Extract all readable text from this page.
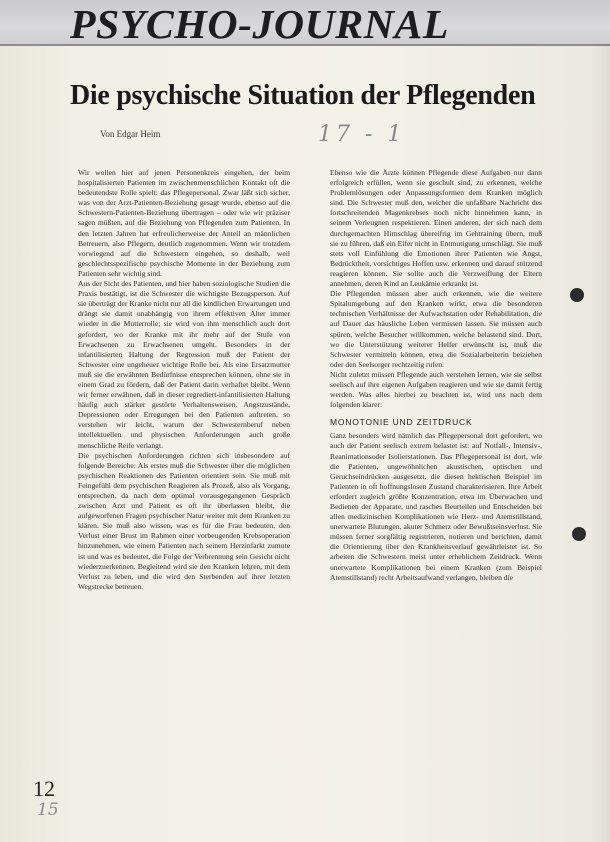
PSYCHO-JOURNAL
Die psychische Situation der Pflegenden
Von Edgar Heim	17 - 1

Wir wollen hier auf jenen Personenkreis eingehen, der beim hospitalisierten Patienten im zwischenmenschlichen Kontakt oft die bedeutendste Rolle spielt: das Pflegepersonal. Zwar läßt sich sicher, was von der Arzt-Patienten-Beziehung gesagt wurde, ebenso auf die Schwestern-Patienten-Beziehung übertragen – oder wie wir präziser sagen müßten, auf die Beziehung von Pflegenden zum Patienten. In den letzten Jahren hat erfreulicherweise der Anteil an männlichen Betreuern, also Pflegern, deutlich zugenommen. Wenn wir trotzdem vorwiegend auf die Schwestern eingehen, so deshalb, weil geschlechtsspezifische psychische Momente in der Beziehung zum Patienten sehr wichtig sind.

Aus der Sicht des Patienten, und hier haben soziologische Studien die Praxis bestätigt, ist die Schwester die wichtigste Bezugsperson. Auf sie überträgt der Kranke nicht nur all die kindlichen Erwartungen und drängt sie damit unabhängig von ihrem effektiven Alter immer wieder in die Mutterrolle; sie wird von ihm menschlich auch dort gefordert, wo der Kranke mit ihr mehr auf der Stufe von Erwachsenen zu Erwachsenen umgeht. Besonders in der infantilisierten Haltung der Regression muß der Patient der Schwester eine ungeheuer wichtige Rolle bei. Als eine Ersatzmutter muß sie die erwähnten Bedürfnisse entsprechen können, ohne sie in einem Grad zu fördern, daß der Patient darin verhaftet bleibt. Wenn wir ferner erwähnen, daß in dieser regrediert-infantilisierten Haltung häufig auch stärker gestörte Verhaltensweisen, Angstzustände, Depressionen oder Erregungen bei den Patienten auftreten, so verstehen wir leicht, warum der Schwesternberuf neben intellektuellen und physischen Anforderungen auch große menschliche Reife verlangt.

Die psychischen Anforderungen richten sich insbesondere auf folgende Bereiche: Als erstes muß die Schwester über die möglichen psychischen Reaktionen des Patienten orientiert sein. Sie muß mit Feingefühl dem psychischen Reagieren als Prozeß, also als Vorgang, entsprechen, da nach dem optimal vorausgegangenen Gespräch zwischen Arzt und Patient es oft ihr überlassen bleibt, die aufgeworfenen Fragen psychischer Natur weiter mit dem Kranken zu klären. Sie muß also wissen, was es für die Frau bedeuten, den Verlust einer Brust im Rahmen einer vorbeugenden Krebsoperation hinzunehmen, wie einem Patienten nach seinem Herzinfarkt zumute ist und was es bedeutet, die Folge der Verbrennung sein Gesicht nicht wiederzuerkennen. Begleitend wird sie den Kranken lehren, mit dem Verlust zu leben, und die wird den Sterbenden auf ihrer letzten Wegstrecke betreuen.

Ebenso wie die Ärzte können Pflegende diese Aufgaben nur dann erfolgreich erfüllen, wenn sie geschult sind, zu erkennen, welche Problemlösungen oder Anpassungsformen dem Kranken möglich sind. Die Schwester muß den, welcher die unfaßbare Nachricht des fortschreitenden Magenkrebses noch nicht hinnehmen kann, in seinem Verleugnen respektieren. Einen anderen, der sich nach dem durchgemachten Hirnschlag übereifrig im Gehtraining übern, muß sie zu führen, daß ein Eifer nicht in Entmutigung umschlägt. Sie muß stets voll Einfühlung die Emotionen ihrer Patienten wie Angst, Bedrücktheit, vorsichtiges Hoffen usw. erkennen und darauf stützend reagieren können. Sie sollte auch die Verzweiflung der Eltern annehmen, deren Kind an Leukämie erkrankt ist.

Die Pflegenden müssen aber auch erkennen, wie die weitere Spitalumgebung auf den Kranken wirkt, etwa die besonderen technischen Verhältnisse der Aufwachstation oder Rehabilitation, die auf Dauer das häusliche Leben vermissen lassen. Sie müssen auch spüren, welche Besucher willkommen, welche belastend sind. Dort, wo die Unterstützung weiterer Helfer erwünscht ist, muß die Schwester vermitteln können, etwa die Sozialarbeiterin beiziehen oder den Seelsorger rechtzeitig rufen.

Nicht zuletzt müssen Pflegende auch verstehen lernen, wie sie selbst seelisch auf ihre eigenen Aufgaben reagieren und wie sie damit fertig werden. Was alles hierbei zu beachten ist, wird uns nach dem folgenden klarer:

MONOTONIE UND ZEITDRUCK

Ganz besonders wird nämlich das Pflegepersonal dort gefordert, wo auch der Patient seelisch extrem belastet ist: auf Notfall-, Intensiv-, Reanimationsoder Isolierstationen. Das Pflegepersonal ist dort, wie die Patienten, ungewöhnlichen akustischen, optischen und Geruchseindrücken ausgesetzt, die diesen hektischen Beispiel im Patienten in oft hoffnungslosen Zustand charakterisieren. Ihre Arbeit erfordert zugleich größte Konzentration, etwa im Überwachen und Bedienen der Apparate, und rasches Beurteilen und Entscheiden bei allen medizinischen Komplikationen wie Herz- und Atemstillstand, unerwartete Blutungen, akuter Schmerz oder Bewußtseinsverlust. Sie müssen ferner sorgfältig registrieren, notieren und berichten, damit die Orientierung über den Krankheitsverlauf gewährleistet ist. So arbeiten die Schwestern meist unter erheblichem Zeitdruck. Wenn unerwartete Komplikationen bei einem Kranken (zum Beispiel Atemstillstand) recht Arbeitsaufwand verlangen, bleiben die

12
15
